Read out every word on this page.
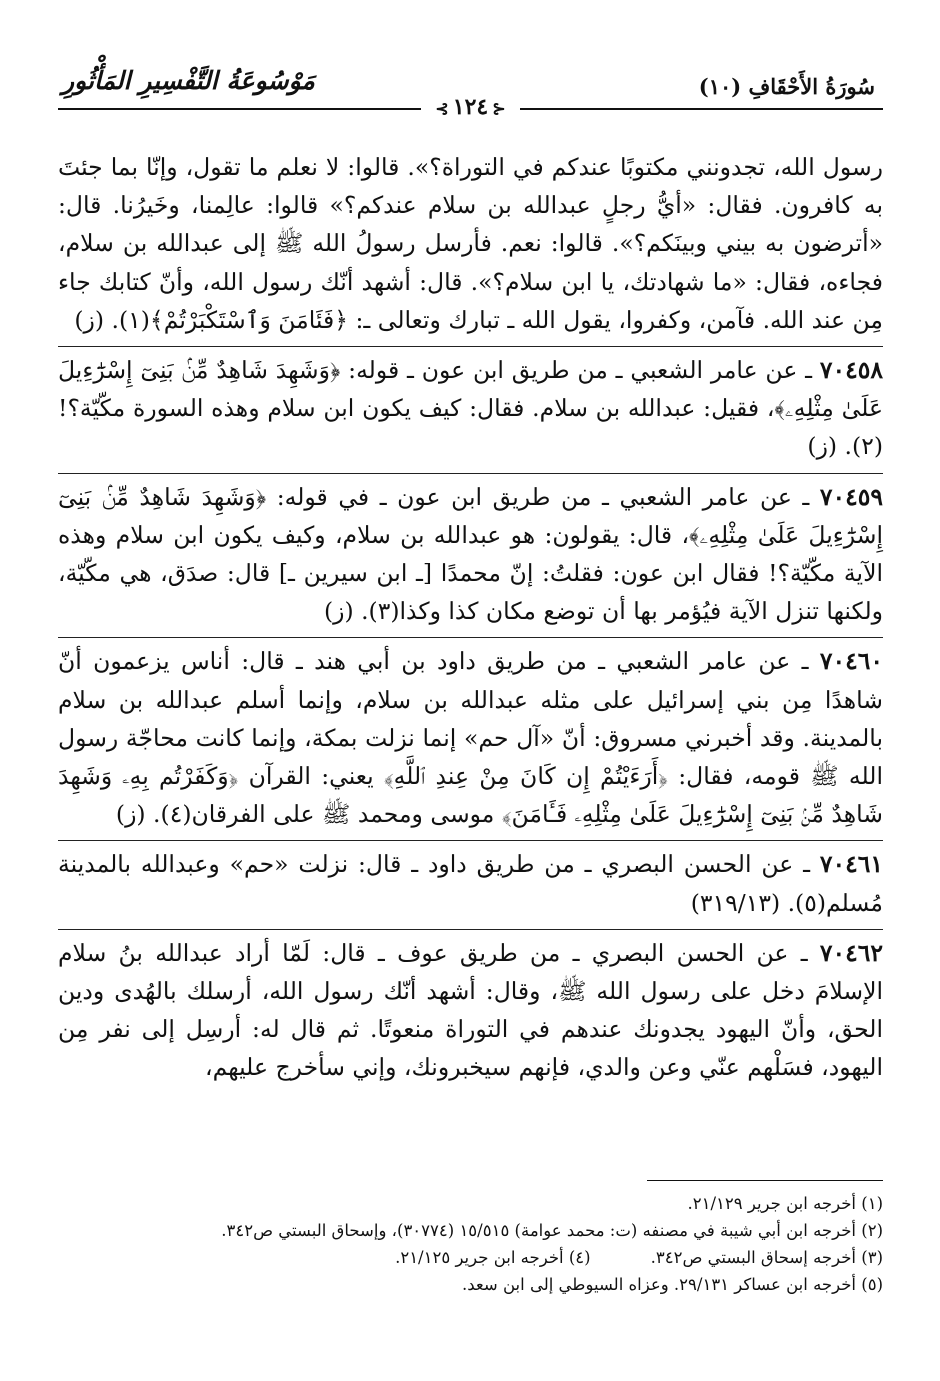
سُورَةُ الأَحْقَافِ (١٠)
مَوْسُوعَةُ التَّفْسِيرِ المَأْثُورِ
⊰١٢٤⊱
رسول الله، تجدونني مكتوبًا عندكم في التوراة؟». قالوا: لا نعلم ما تقول، وإنّا بما جئتَ به كافرون. فقال: «أيُّ رجلٍ عبدالله بن سلام عندكم؟» قالوا: عالِمنا، وخَيرُنا. قال: «أترضون به بيني وبينَكم؟». قالوا: نعم. فأرسل رسولُ الله ﷺ إلى عبدالله بن سلام، فجاءه، فقال: «ما شهادتك، يا ابن سلام؟». قال: أشهد أنّك رسول الله، وأنّ كتابك جاء مِن عند الله. فآمن، وكفروا، يقول الله ـ تبارك وتعالى ـ: ﴿فَئَامَنَ وَٱسْتَكْبَرْتُمْ﴾(١). (ز)
٧٠٤٥٨ ـ عن عامر الشعبي ـ من طريق ابن عون ـ قوله: ﴿وَشَهِدَ شَاهِدٌ مِّنۢ بَنِىٓ إِسْرَٰٓءِيلَ عَلَىٰ مِثْلِهِۦ﴾، فقيل: عبدالله بن سلام. فقال: كيف يكون ابن سلام وهذه السورة مكّيّة؟!(٢). (ز)
٧٠٤٥٩ ـ عن عامر الشعبي ـ من طريق ابن عون ـ في قوله: ﴿وَشَهِدَ شَاهِدٌ مِّنۢ بَنِىٓ إِسْرَٰٓءِيلَ عَلَىٰ مِثْلِهِۦ﴾، قال: يقولون: هو عبدالله بن سلام، وكيف يكون ابن سلام وهذه الآية مكّيّة؟! فقال ابن عون: فقلتُ: إنّ محمدًا [ـ ابن سيرين ـ] قال: صدَق، هي مكّيّة، ولكنها تنزل الآية فيُؤمر بها أن توضع مكان كذا وكذا(٣). (ز)
٧٠٤٦٠ ـ عن عامر الشعبي ـ من طريق داود بن أبي هند ـ قال: أناس يزعمون أنّ شاهدًا مِن بني إسرائيل على مثله عبدالله بن سلام، وإنما أسلم عبدالله بن سلام بالمدينة. وقد أخبرني مسروق: أنّ «آل حم» إنما نزلت بمكة، وإنما كانت محاجّة رسول الله ﷺ قومه، فقال: ﴿أَرَءَيْتُمْ إِن كَانَ مِنْ عِندِ ٱللَّهِ﴾ يعني: القرآن ﴿وَكَفَرْتُم بِهِۦ وَشَهِدَ شَاهِدٌ مِّنۢ بَنِىٓ إِسْرَٰٓءِيلَ عَلَىٰ مِثْلِهِۦ فَـَٔامَنَ﴾ موسى ومحمد ﷺ على الفرقان(٤). (ز)
٧٠٤٦١ ـ عن الحسن البصري ـ من طريق داود ـ قال: نزلت «حم» وعبدالله بالمدينة مُسلم(٥). (٣١٩/١٣)
٧٠٤٦٢ ـ عن الحسن البصري ـ من طريق عوف ـ قال: لَمّا أراد عبدالله بنُ سلام الإسلامَ دخل على رسول الله ﷺ، وقال: أشهد أنّك رسول الله، أرسلك بالهُدى ودين الحق، وأنّ اليهود يجدونك عندهم في التوراة منعوتًا. ثم قال له: أرسِل إلى نفر مِن اليهود، فسَلْهم عنّي وعن والدي، فإنهم سيخبرونك، وإني سأخرج عليهم،
(١) أخرجه ابن جرير ٢١/١٢٩.
(٢) أخرجه ابن أبي شيبة في مصنفه (ت: محمد عوامة) ١٥/٥١٥ (٣٠٧٧٤)، وإسحاق البستي ص٣٤٢.
(٣) أخرجه إسحاق البستي ص٣٤٢.
(٤) أخرجه ابن جرير ٢١/١٢٥.
(٥) أخرجه ابن عساكر ٢٩/١٣١. وعزاه السيوطي إلى ابن سعد.
